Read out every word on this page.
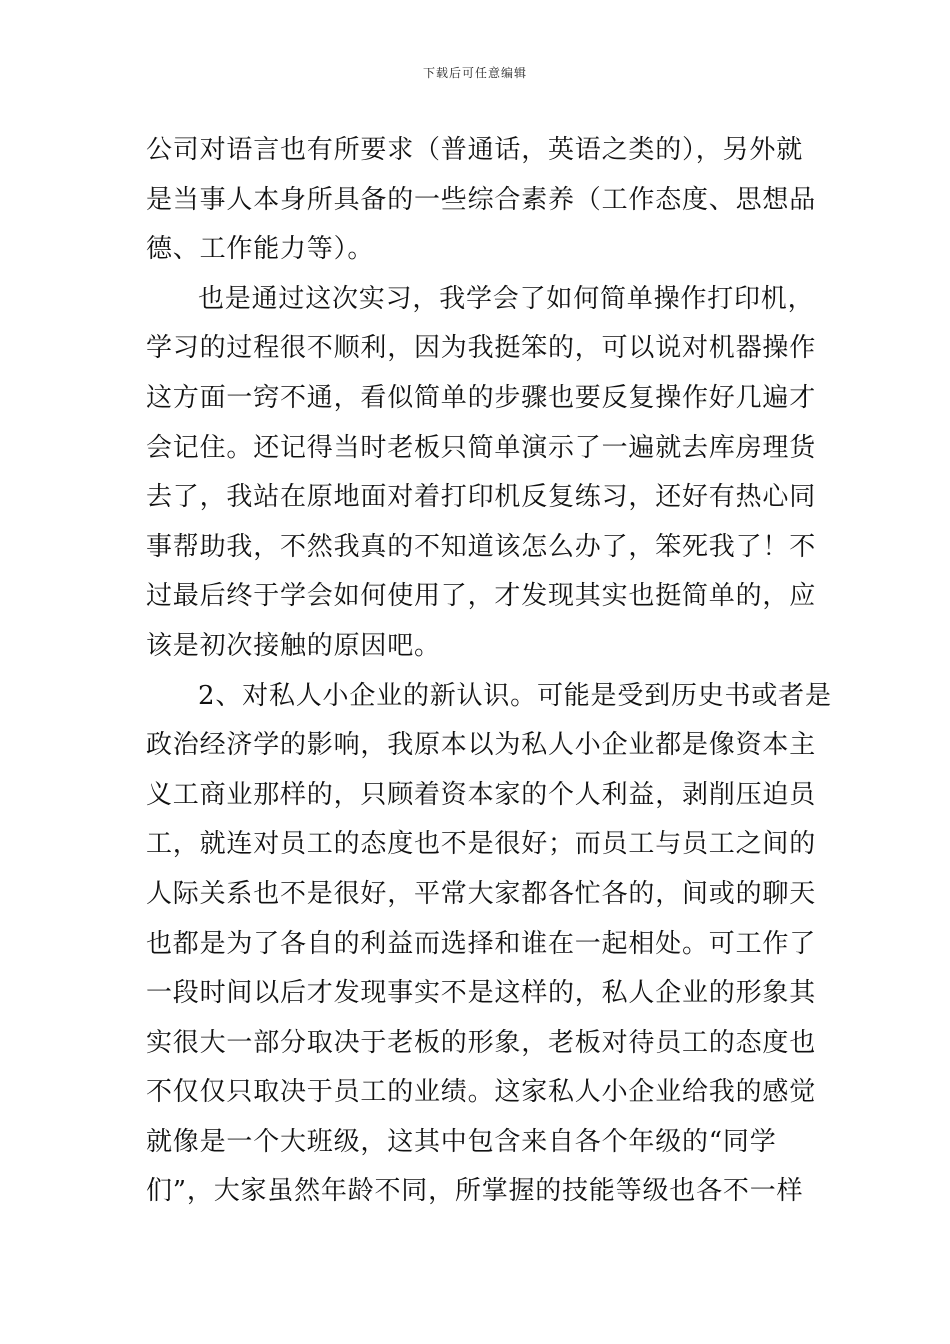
下载后可任意编辑
公司对语言也有所要求（普通话，英语之类的），另外就
是当事人本身所具备的一些综合素养（工作态度、思想品
德、工作能力等）。
也是通过这次实习，我学会了如何简单操作打印机，
学习的过程很不顺利，因为我挺笨的，可以说对机器操作
这方面一窍不通，看似简单的步骤也要反复操作好几遍才
会记住。还记得当时老板只简单演示了一遍就去库房理货
去了，我站在原地面对着打印机反复练习，还好有热心同
事帮助我，不然我真的不知道该怎么办了，笨死我了！不
过最后终于学会如何使用了，才发现其实也挺简单的，应
该是初次接触的原因吧。
2、对私人小企业的新认识。可能是受到历史书或者是
政治经济学的影响，我原本以为私人小企业都是像资本主
义工商业那样的，只顾着资本家的个人利益，剥削压迫员
工，就连对员工的态度也不是很好；而员工与员工之间的
人际关系也不是很好，平常大家都各忙各的，间或的聊天
也都是为了各自的利益而选择和谁在一起相处。可工作了
一段时间以后才发现事实不是这样的，私人企业的形象其
实很大一部分取决于老板的形象，老板对待员工的态度也
不仅仅只取决于员工的业绩。这家私人小企业给我的感觉
就像是一个大班级，这其中包含来自各个年级的“同学
们”，大家虽然年龄不同，所掌握的技能等级也各不一样
